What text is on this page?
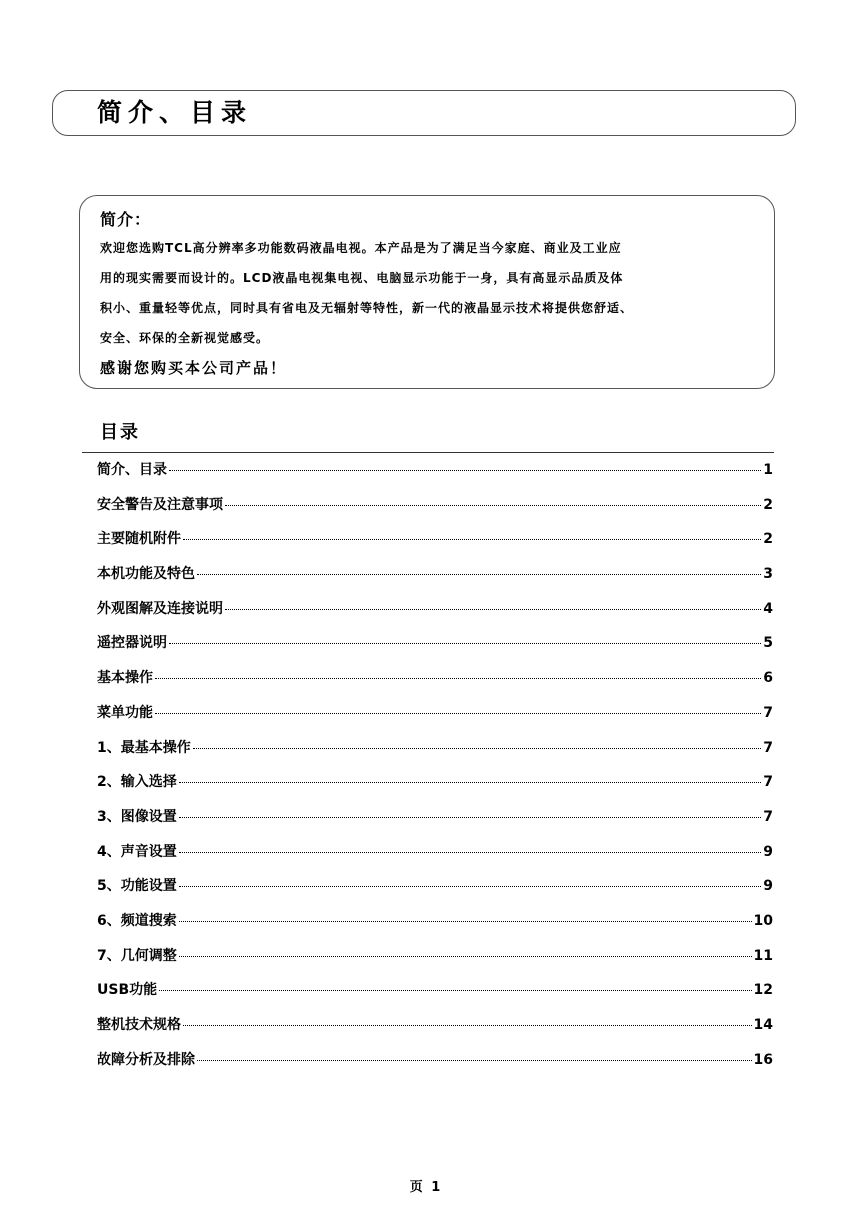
简介、目录
简介：
欢迎您选购TCL高分辨率多功能数码液晶电视。本产品是为了满足当今家庭、商业及工业应
用的现实需要而设计的。LCD液晶电视集电视、电脑显示功能于一身，具有高显示品质及体
积小、重量轻等优点，同时具有省电及无辐射等特性，新一代的液晶显示技术将提供您舒适、
安全、环保的全新视觉感受。
感谢您购买本公司产品！
目录
简介、目录	1
安全警告及注意事项	2
主要随机附件	2
本机功能及特色	3
外观图解及连接说明	4
遥控器说明	5
基本操作	6
菜单功能	7
1、最基本操作	7
2、输入选择	7
3、图像设置	7
4、声音设置	9
5、功能设置	9
6、频道搜索	10
7、几何调整	11
USB功能	12
整机技术规格	14
故障分析及排除	16
页 1
